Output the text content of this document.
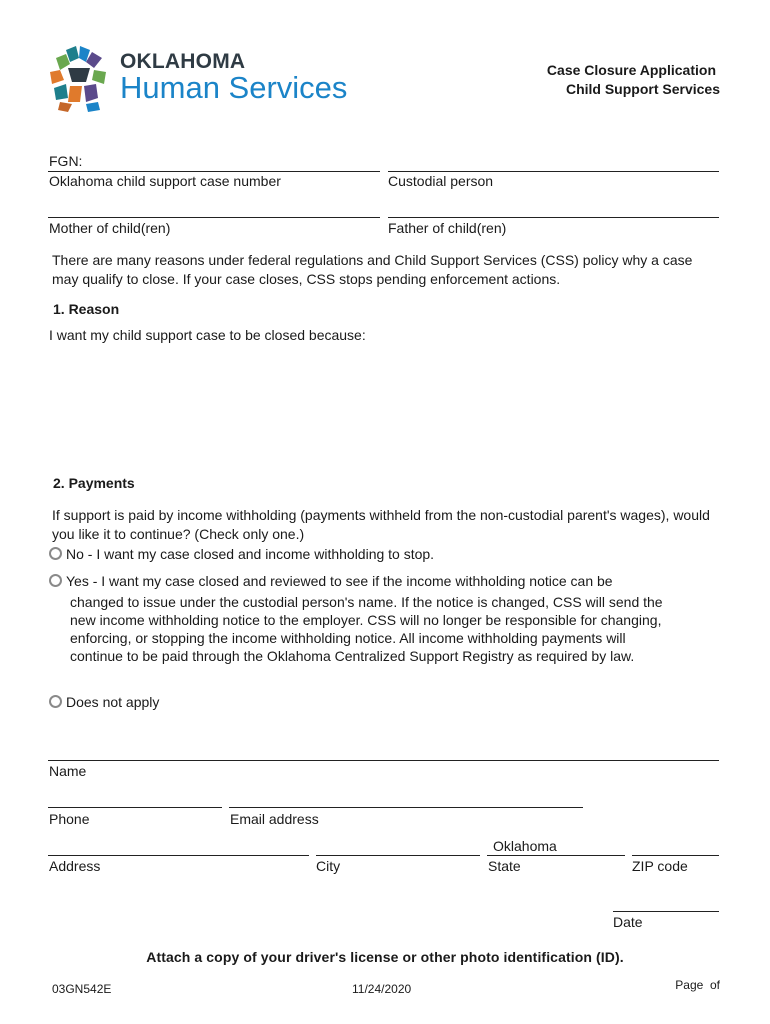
OKLAHOMA
Human Services	Case Closure Application
Child Support Services
FGN:
Oklahoma child support case number	Custodial person
Mother of child(ren)	Father of child(ren)
There are many reasons under federal regulations and Child Support Services (CSS) policy why a case may qualify to close. If your case closes, CSS stops pending enforcement actions.
1. Reason
I want my child support case to be closed because:
2. Payments
If support is paid by income withholding (payments withheld from the non-custodial parent's wages), would you like it to continue? (Check only one.)
No - I want my case closed and income withholding to stop.
Yes - I want my case closed and reviewed to see if the income withholding notice can be
changed to issue under the custodial person's name. If the notice is changed, CSS will send the new income withholding notice to the employer. CSS will no longer be responsible for changing, enforcing, or stopping the income withholding notice. All income withholding payments will continue to be paid through the Oklahoma Centralized Support Registry as required by law.
Does not apply
Name
Phone	Email address
Oklahoma
Address	City	State	ZIP code
Date
Attach a copy of your driver's license or other photo identification (ID).
03GN542E	11/24/2020	Page  of
